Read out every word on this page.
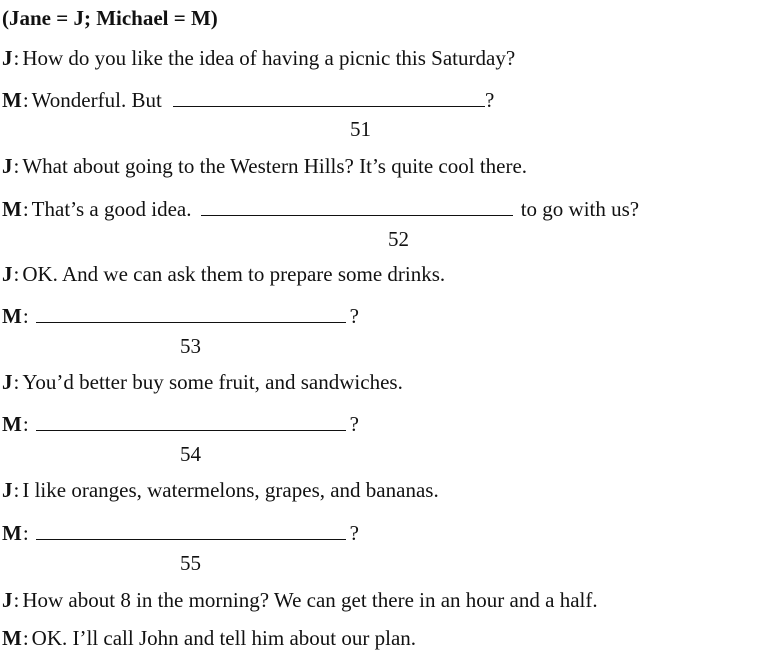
(Jane = J; Michael = M)
J: How do you like the idea of having a picnic this Saturday?
M: Wonderful. But	?
51
J: What about going to the Western Hills? It’s quite cool there.
M: That’s a good idea.	to go with us?
52
J: OK. And we can ask them to prepare some drinks.
M:	?
53
J: You’d better buy some fruit, and sandwiches.
M:	?
54
J: I like oranges, watermelons, grapes, and bananas.
M:	?
55
J: How about 8 in the morning? We can get there in an hour and a half.
M: OK. I’ll call John and tell him about our plan.
